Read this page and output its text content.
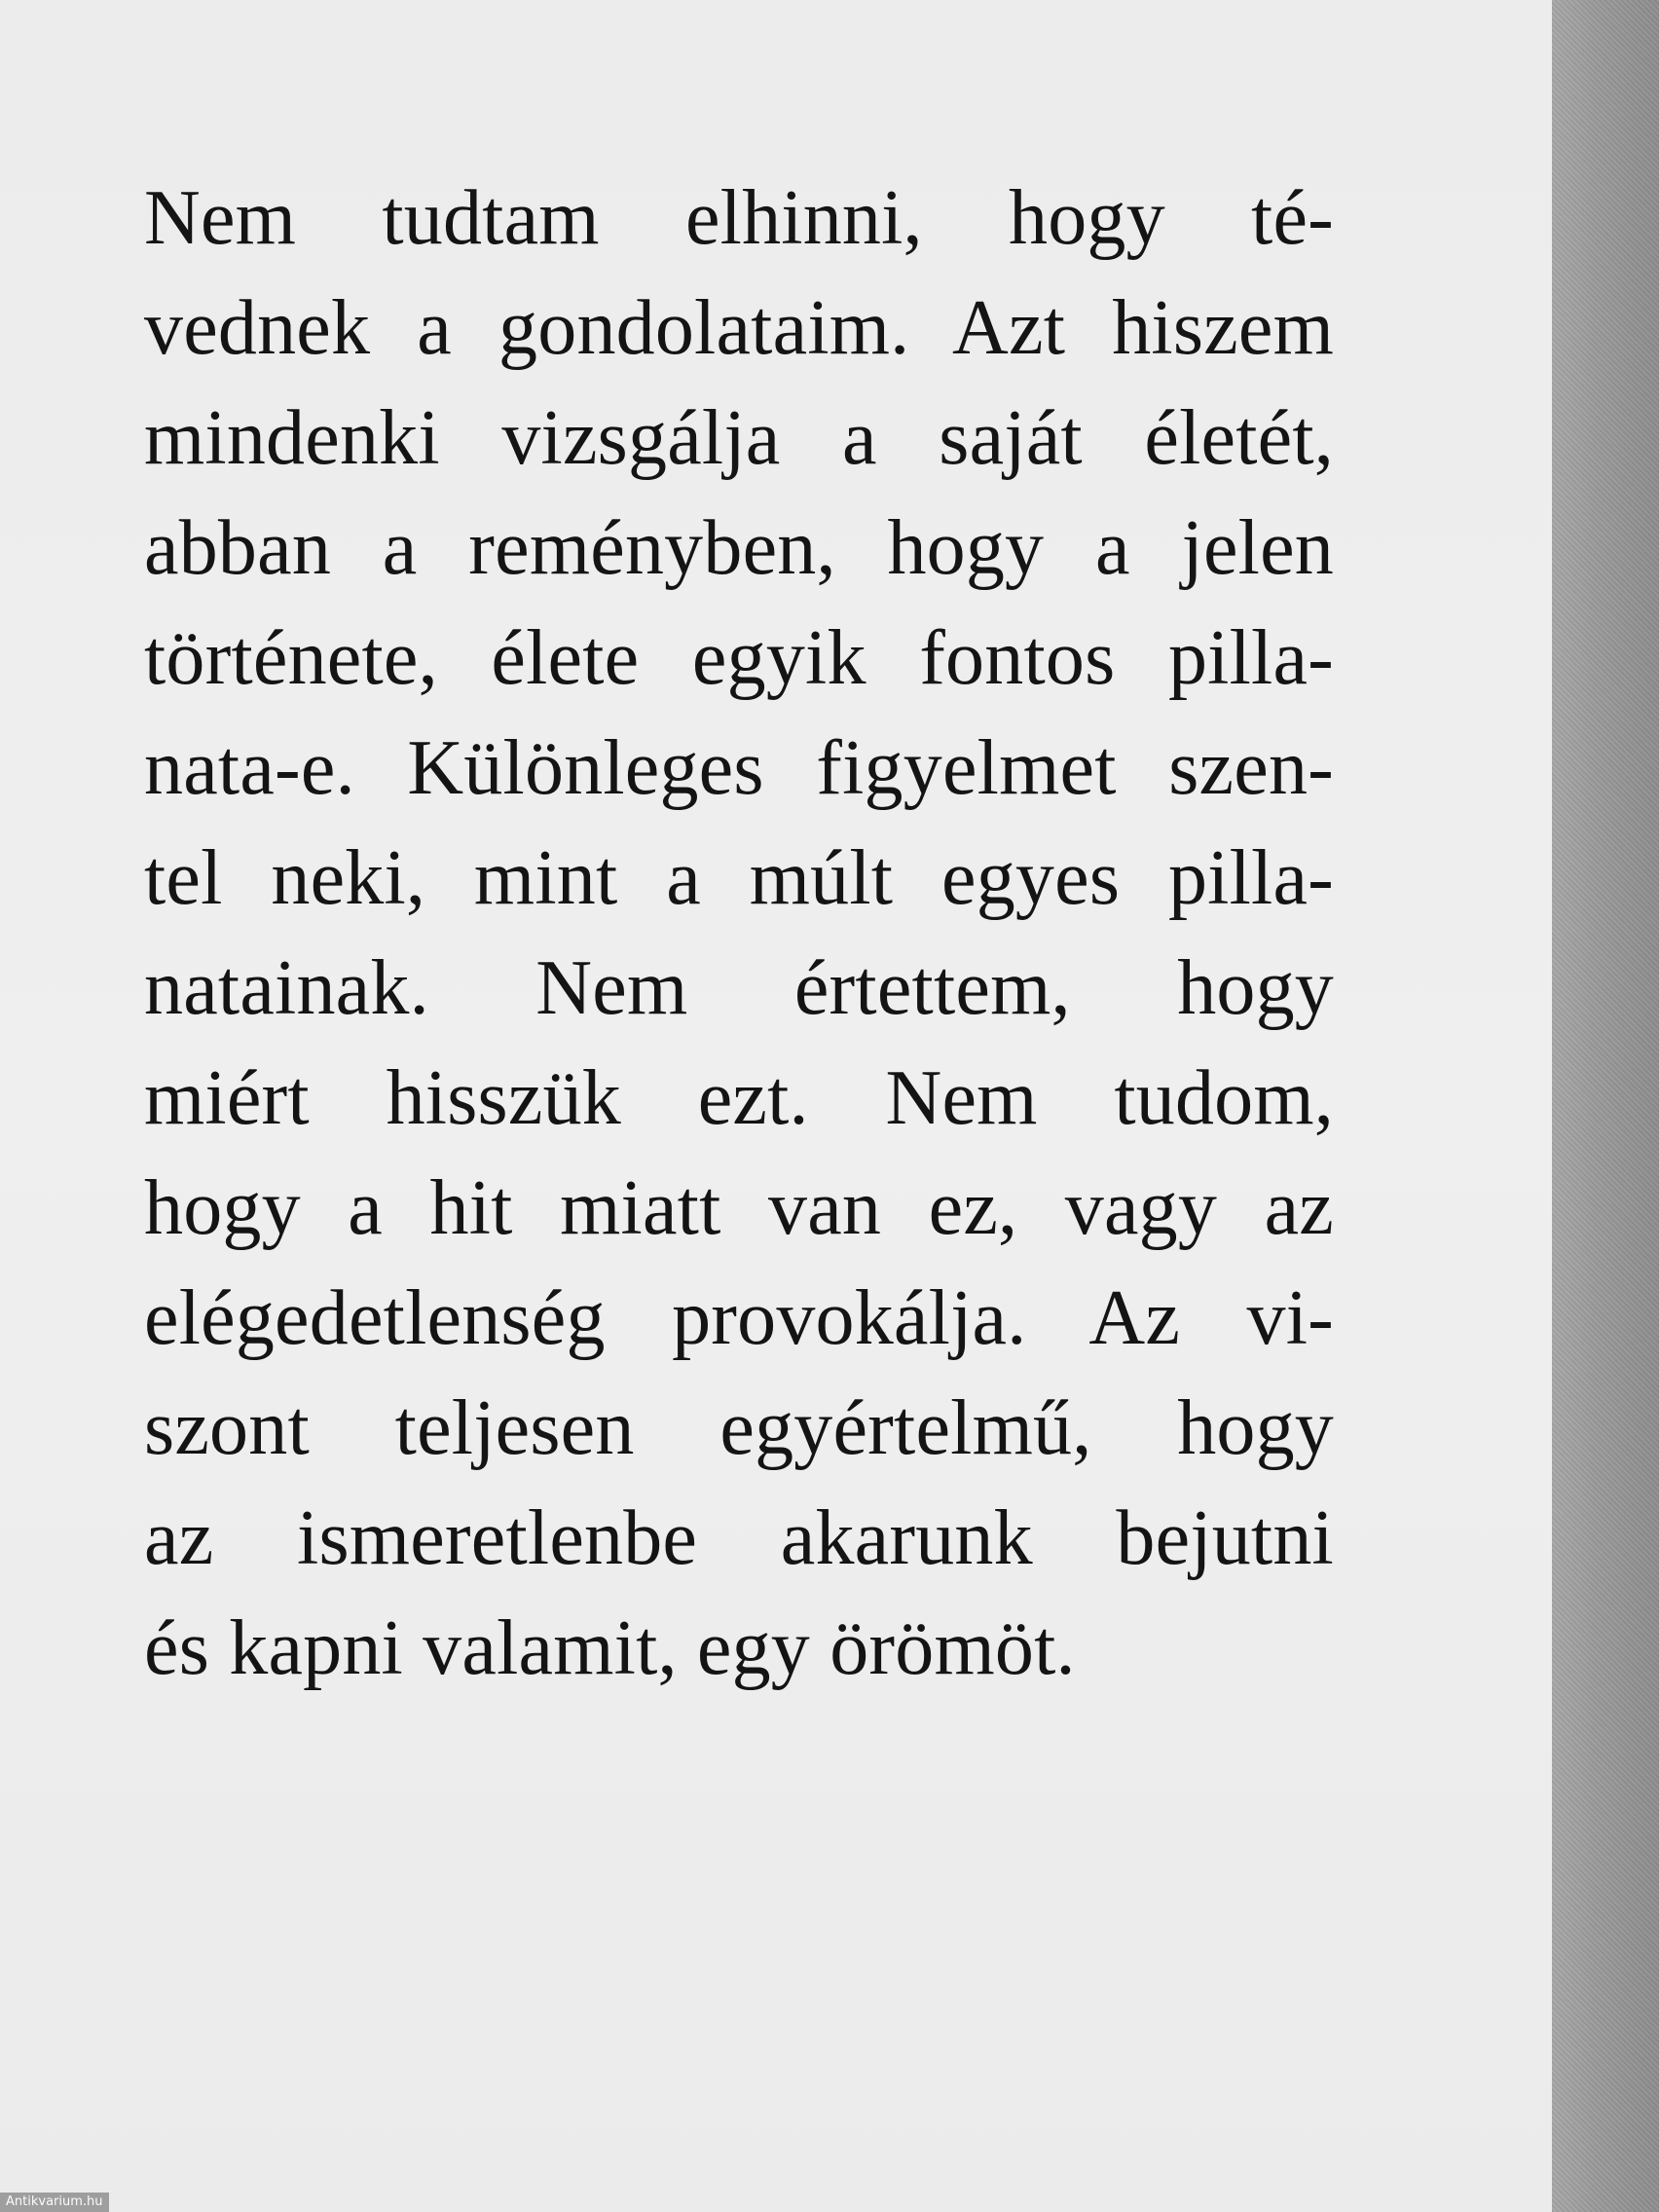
Nem tudtam elhinni, hogy té-
vednek a gondolataim. Azt hiszem
mindenki vizsgálja a saját életét,
abban a reményben, hogy a jelen
története, élete egyik fontos pilla-
nata-e. Különleges figyelmet szen-
tel neki, mint a múlt egyes pilla-
natainak. Nem értettem, hogy
miért hisszük ezt. Nem tudom,
hogy a hit miatt van ez, vagy az
elégedetlenség provokálja. Az vi-
szont teljesen egyértelmű, hogy
az ismeretlenbe akarunk bejutni
és kapni valamit, egy örömöt.
Antikvarium.hu
